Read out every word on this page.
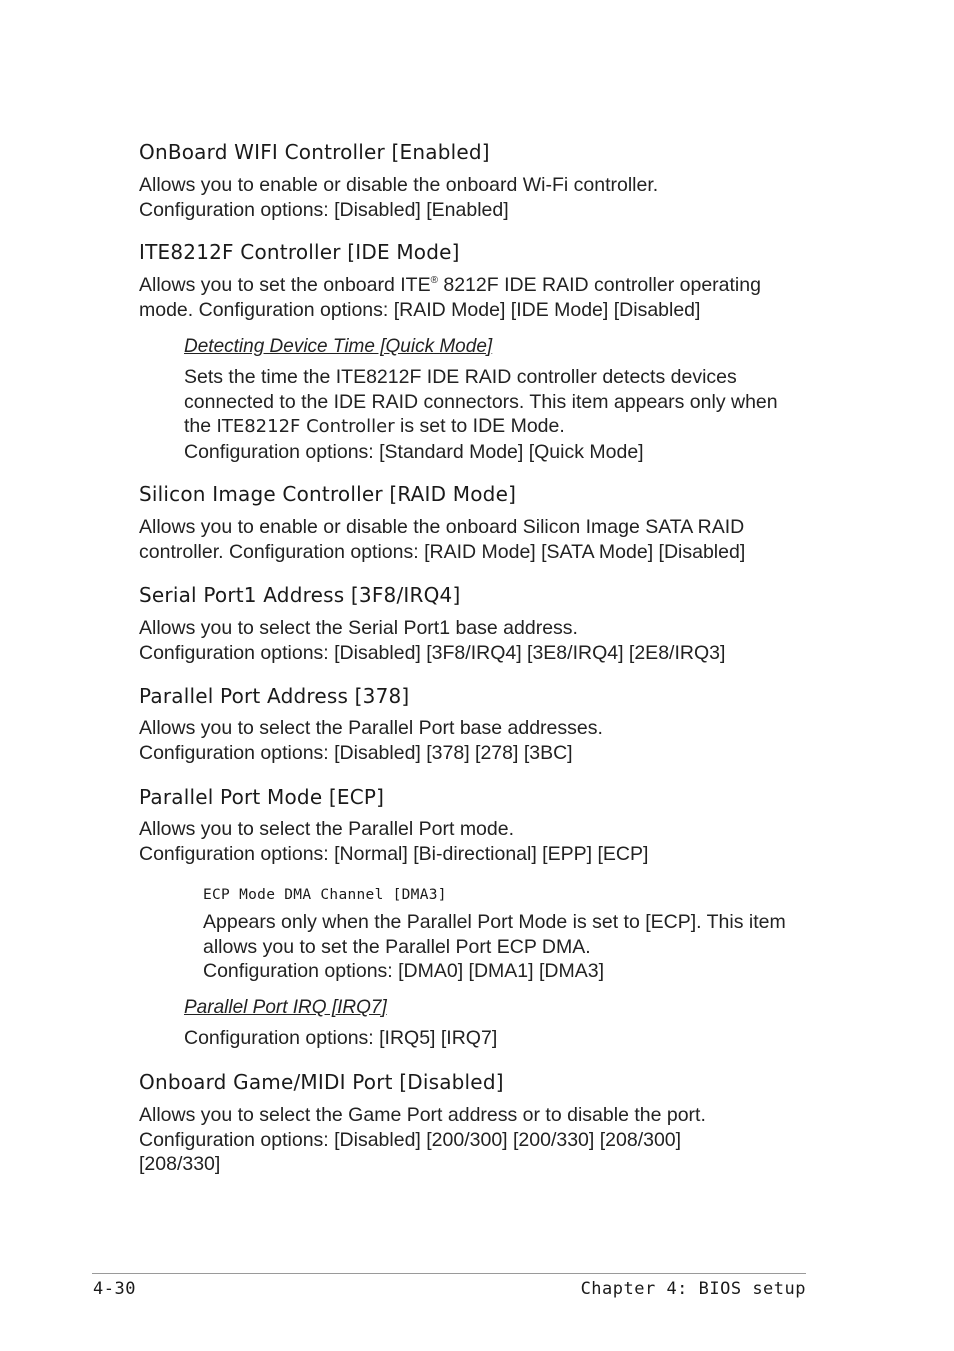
OnBoard WIFI Controller [Enabled]
Allows you to enable or disable the onboard Wi-Fi controller.
Configuration options: [Disabled] [Enabled]
ITE8212F Controller [IDE Mode]
Allows you to set the onboard ITE® 8212F IDE RAID controller operating
mode. Configuration options: [RAID Mode] [IDE Mode] [Disabled]
Detecting Device Time [Quick Mode]
Sets the time the ITE8212F IDE RAID controller detects devices
connected to the IDE RAID connectors. This item appears only when
the ITE8212F Controller is set to IDE Mode.
Configuration options: [Standard Mode] [Quick Mode]
Silicon Image Controller [RAID Mode]
Allows you to enable or disable the onboard Silicon Image SATA RAID
controller. Configuration options: [RAID Mode] [SATA Mode] [Disabled]
Serial Port1 Address [3F8/IRQ4]
Allows you to select the Serial Port1 base address.
Configuration options: [Disabled] [3F8/IRQ4] [3E8/IRQ4] [2E8/IRQ3]
Parallel Port Address [378]
Allows you to select the Parallel Port base addresses.
Configuration options: [Disabled] [378] [278] [3BC]
Parallel Port Mode [ECP]
Allows you to select the Parallel Port mode.
Configuration options: [Normal] [Bi-directional] [EPP] [ECP]
ECP Mode DMA Channel [DMA3]
Appears only when the Parallel Port Mode is set to [ECP]. This item
allows you to set the Parallel Port ECP DMA.
Configuration options: [DMA0] [DMA1] [DMA3]
Parallel Port IRQ [IRQ7]
Configuration options: [IRQ5] [IRQ7]
Onboard Game/MIDI Port [Disabled]
Allows you to select the Game Port address or to disable the port.
Configuration options: [Disabled] [200/300] [200/330] [208/300]
[208/330]
4-30	Chapter 4: BIOS setup
